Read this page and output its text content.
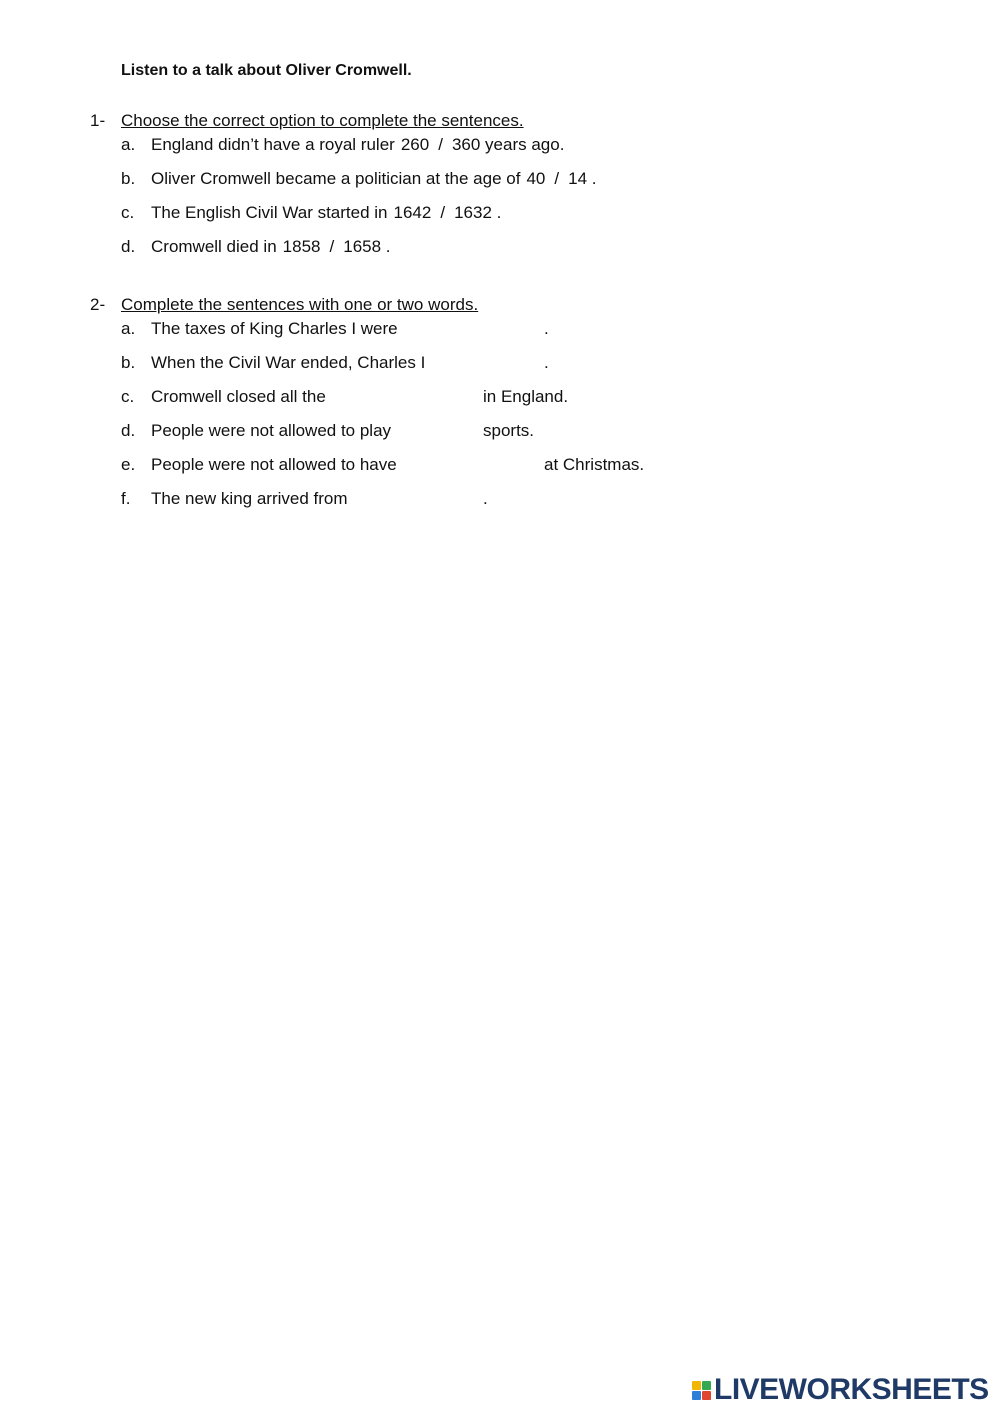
Listen to a talk about Oliver Cromwell.
1- Choose the correct option to complete the sentences.
a. England didn’t have a royal ruler 260 / 360 years ago.
b. Oliver Cromwell became a politician at the age of 40 / 14 .
c. The English Civil War started in 1642 / 1632 .
d. Cromwell died in 1858 / 1658 .
2- Complete the sentences with one or two words.
a. The taxes of King Charles I were	.
b. When the Civil War ended, Charles I	.
c. Cromwell closed all the	in England.
d. People were not allowed to play	sports.
e. People were not allowed to have	at Christmas.
f. The new king arrived from	.
LIVEWORKSHEETS
